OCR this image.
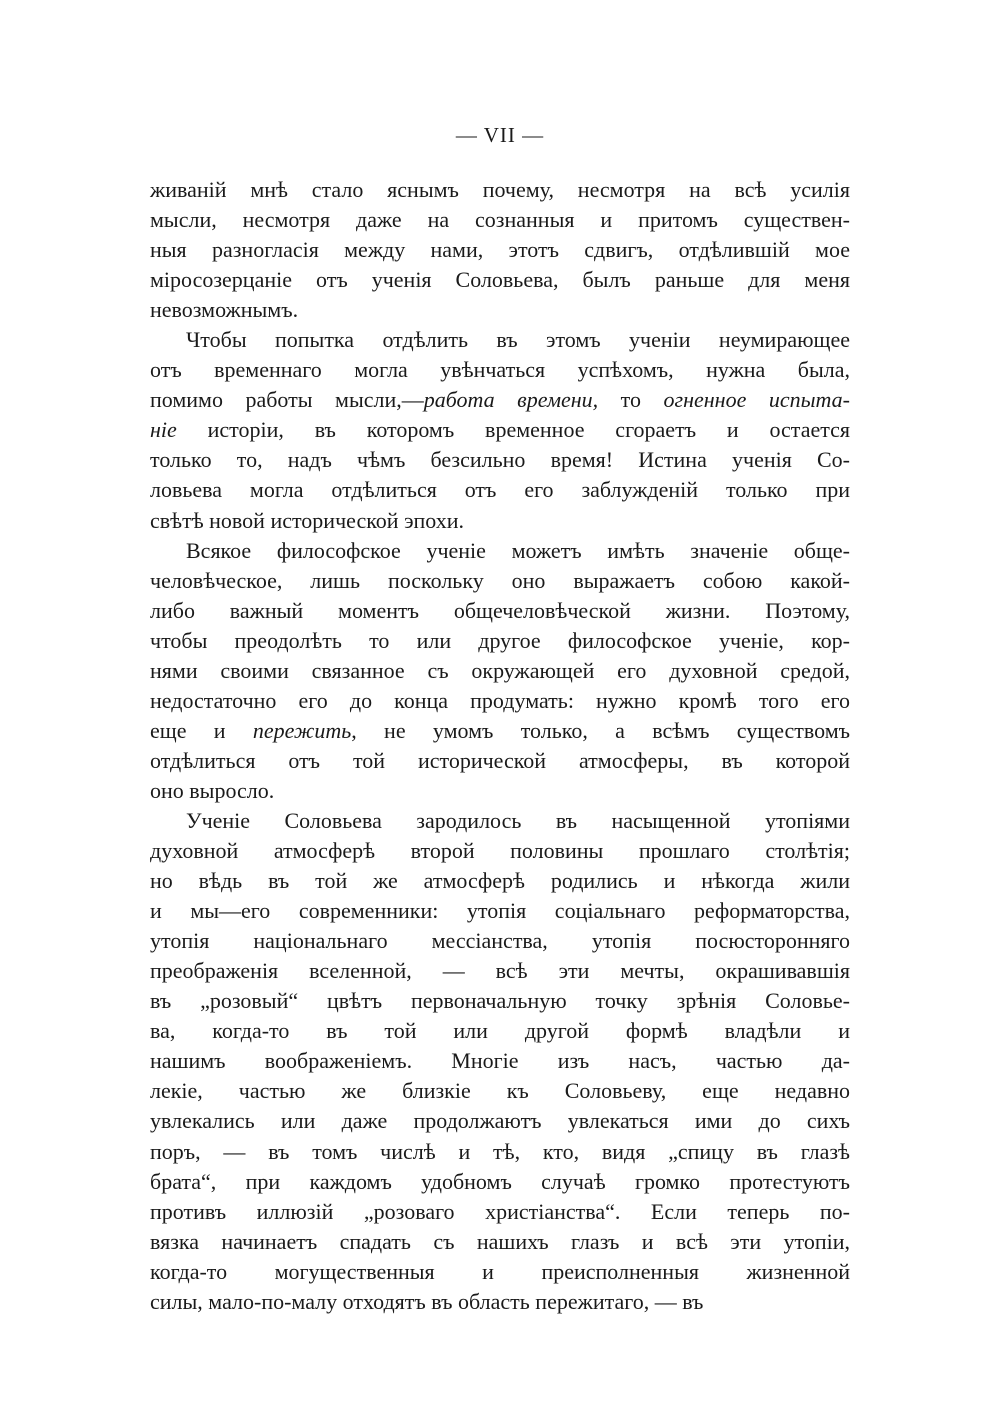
— VII —
живаній мнѣ стало яснымъ почему, несмотря на всѣ усилія
мысли, несмотря даже на сознанныя и притомъ существен-
ныя разногласія между нами, этотъ сдвигъ, отдѣлившій мое
міросозерцаніе отъ ученія Соловьева, былъ раньше для меня
невозможнымъ.
Чтобы попытка отдѣлить въ этомъ ученіи неумирающее
отъ временнаго могла увѣнчаться успѣхомъ, нужна была,
помимо работы мысли,—работа времени, то огненное испыта-
ніе исторіи, въ которомъ временное сгораетъ и остается
только то, надъ чѣмъ безсильно время! Истина ученія Со-
ловьева могла отдѣлиться отъ его заблужденій только при
свѣтѣ новой исторической эпохи.
Всякое философское ученіе можетъ имѣть значеніе обще-
человѣческое, лишь поскольку оно выражаетъ собою какой-
либо важный моментъ общечеловѣческой жизни. Поэтому,
чтобы преодолѣть то или другое философское ученіе, кор-
нями своими связанное съ окружающей его духовной средой,
недостаточно его до конца продумать: нужно кромѣ того его
еще и пережить, не умомъ только, а всѣмъ существомъ
отдѣлиться отъ той исторической атмосферы, въ которой
оно выросло.
Ученіе Соловьева зародилось въ насыщенной утопіями
духовной атмосферѣ второй половины прошлаго столѣтія;
но вѣдь въ той же атмосферѣ родились и нѣкогда жили
и мы—его современники: утопія соціальнаго реформаторства,
утопія національнаго мессіанства, утопія посюсторонняго
преображенія вселенной, — всѣ эти мечты, окрашивавшія
въ „розовый“ цвѣтъ первоначальную точку зрѣнія Соловье-
ва, когда-то въ той или другой формѣ владѣли и
нашимъ воображеніемъ. Многіе изъ насъ, частью да-
лекіе, частью же близкіе къ Соловьеву, еще недавно
увлекались или даже продолжаютъ увлекаться ими до сихъ
поръ, — въ томъ числѣ и тѣ, кто, видя „спицу въ глазѣ
брата“, при каждомъ удобномъ случаѣ громко протестуютъ
противъ иллюзій „розоваго христіанства“. Если теперь по-
вязка начинаетъ спадать съ нашихъ глазъ и всѣ эти утопіи,
когда-то могущественныя и преисполненныя жизненной
силы, мало-по-малу отходятъ въ область пережитаго, — въ
